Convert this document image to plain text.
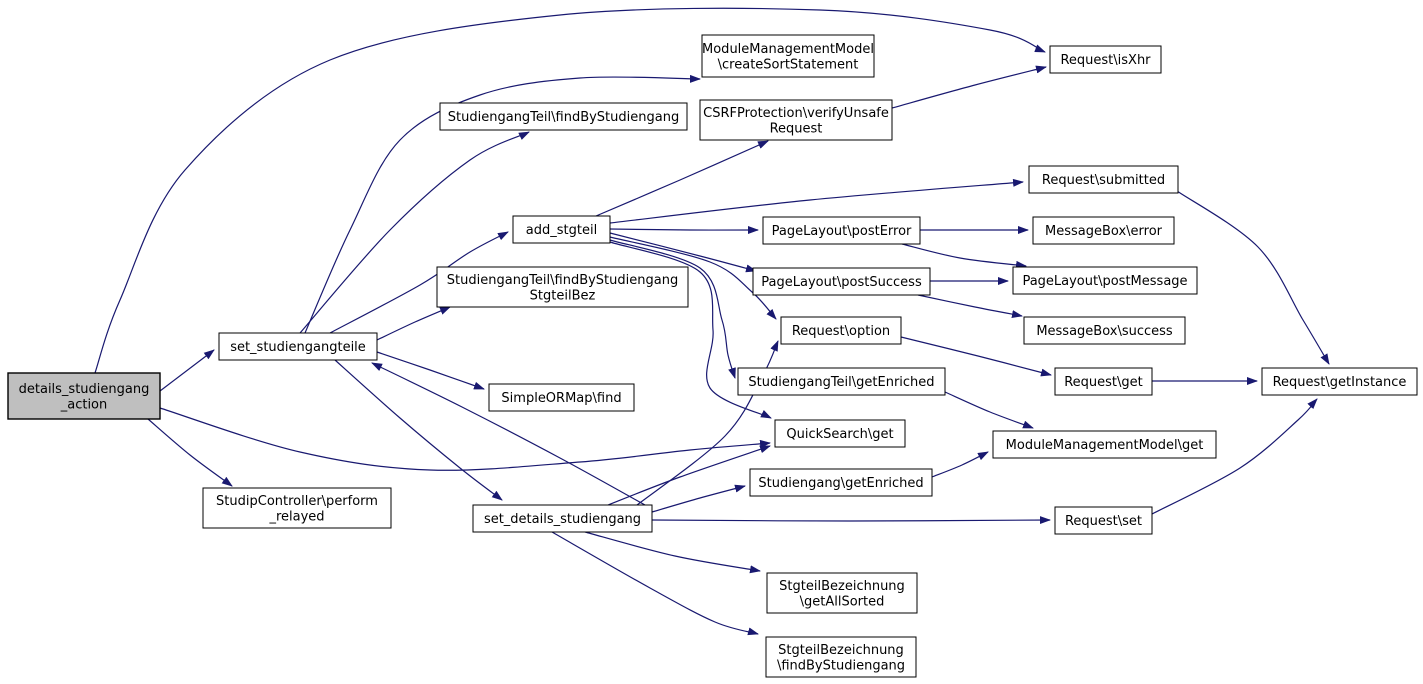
details_studiengang
_action
set_studiengangteile
StudipController\perform
_relayed
StudiengangTeil\findByStudiengang
add_stgteil
StudiengangTeil\findByStudiengang
StgteilBez
SimpleORMap\find
set_details_studiengang
ModuleManagementModel
\createSortStatement
CSRFProtection\verifyUnsafe
Request
Request\isXhr
Request\submitted
PageLayout\postError	MessageBox\error
PageLayout\postSuccess	PageLayout\postMessage
Request\option	MessageBox\success
StudiengangTeil\getEnriched	Request\get	Request\getInstance
QuickSearch\get
ModuleManagementModel\get
Studiengang\getEnriched
Request\set
StgteilBezeichnung
\getAllSorted
StgteilBezeichnung
\findByStudiengang
